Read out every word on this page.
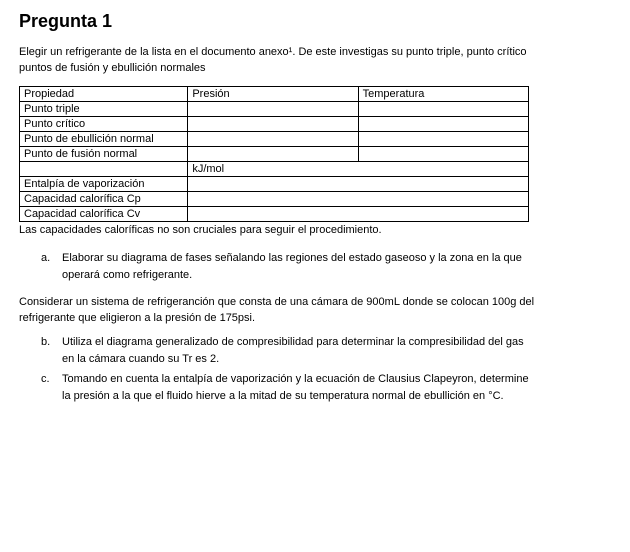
Pregunta 1

Elegir un refrigerante de la lista en el documento anexo¹. De este investigas su punto triple, punto crítico puntos de fusión y ebullición normales

Propiedad	Presión	Temperatura
Punto triple		
Punto crítico		
Punto de ebullición normal		
Punto de fusión normal		
	kJ/mol	
Entalpía de vaporización		
Capacidad calorífica Cp		
Capacidad calorífica Cv		

Las capacidades caloríficas no son cruciales para seguir el procedimiento.

a.	Elaborar su diagrama de fases señalando las regiones del estado gaseoso y la zona en la que operará como refrigerante.

Considerar un sistema de refrigeranción que consta de una cámara de 900mL donde se colocan 100g del refrigerante que eligieron a la presión de 175psi.

b.	Utiliza el diagrama generalizado de compresibilidad para determinar la compresibilidad del gas en la cámara cuando su Tr es 2.
c.	Tomando en cuenta la entalpía de vaporización y la ecuación de Clausius Clapeyron, determine la presión a la que el fluido hierve a la mitad de su temperatura normal de ebullición en °C.
